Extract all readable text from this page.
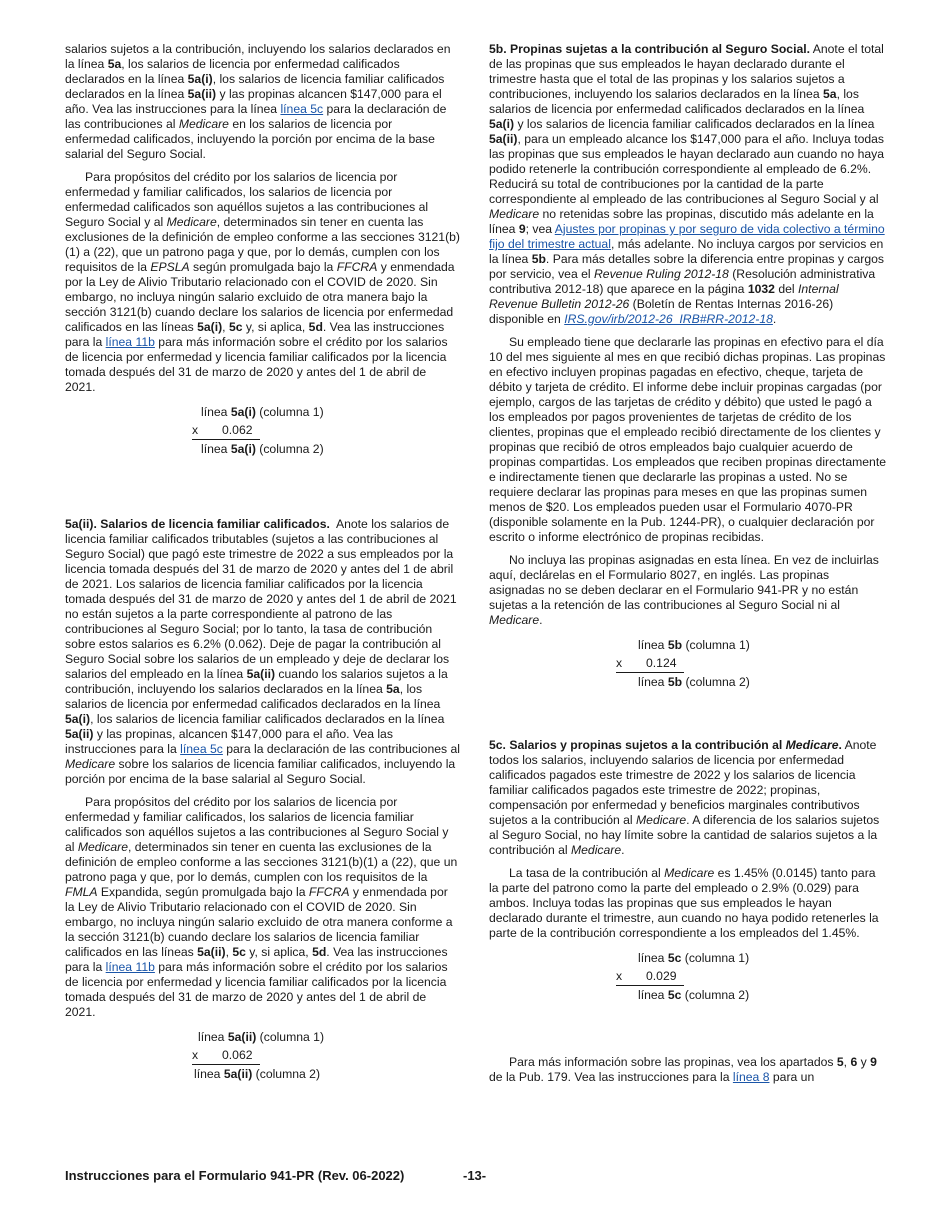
salarios sujetos a la contribución, incluyendo los salarios declarados en la línea 5a, los salarios de licencia por enfermedad calificados declarados en la línea 5a(i), los salarios de licencia familiar calificados declarados en la línea 5a(ii) y las propinas alcancen $147,000 para el año. Vea las instrucciones para la línea línea 5c para la declaración de las contribuciones al Medicare en los salarios de licencia por enfermedad calificados, incluyendo la porción por encima de la base salarial del Seguro Social.

Para propósitos del crédito por los salarios de licencia por enfermedad y familiar calificados, los salarios de licencia por enfermedad calificados son aquéllos sujetos a las contribuciones al Seguro Social y al Medicare, determinados sin tener en cuenta las exclusiones de la definición de empleo conforme a las secciones 3121(b)(1) a (22), que un patrono paga y que, por lo demás, cumplen con los requisitos de la EPSLA según promulgada bajo la FFCRA y enmendada por la Ley de Alivio Tributario relacionado con el COVID de 2020. Sin embargo, no incluya ningún salario excluido de otra manera bajo la sección 3121(b) cuando declare los salarios de licencia por enfermedad calificados en las líneas 5a(i), 5c y, si aplica, 5d. Vea las instrucciones para la línea 11b para más información sobre el crédito por los salarios de licencia por enfermedad y licencia familiar calificados por la licencia tomada después del 31 de marzo de 2020 y antes del 1 de abril de 2021.

línea 5a(i) (columna 1)
x 0.062
línea 5a(i) (columna 2)

5a(ii). Salarios de licencia familiar calificados. Anote los salarios de licencia familiar calificados tributables (sujetos a las contribuciones al Seguro Social) que pagó este trimestre de 2022 a sus empleados por la licencia tomada después del 31 de marzo de 2020 y antes del 1 de abril de 2021. Los salarios de licencia familiar calificados por la licencia tomada después del 31 de marzo de 2020 y antes del 1 de abril de 2021 no están sujetos a la parte correspondiente al patrono de las contribuciones al Seguro Social; por lo tanto, la tasa de contribución sobre estos salarios es 6.2% (0.062). Deje de pagar la contribución al Seguro Social sobre los salarios de un empleado y deje de declarar los salarios del empleado en la línea 5a(ii) cuando los salarios sujetos a la contribución, incluyendo los salarios declarados en la línea 5a, los salarios de licencia por enfermedad calificados declarados en la línea 5a(i), los salarios de licencia familiar calificados declarados en la línea 5a(ii) y las propinas, alcancen $147,000 para el año. Vea las instrucciones para la línea 5c para la declaración de las contribuciones al Medicare sobre los salarios de licencia familiar calificados, incluyendo la porción por encima de la base salarial al Seguro Social.

Para propósitos del crédito por los salarios de licencia por enfermedad y familiar calificados, los salarios de licencia familiar calificados son aquéllos sujetos a las contribuciones al Seguro Social y al Medicare, determinados sin tener en cuenta las exclusiones de la definición de empleo conforme a las secciones 3121(b)(1) a (22), que un patrono paga y que, por lo demás, cumplen con los requisitos de la FMLA Expandida, según promulgada bajo la FFCRA y enmendada por la Ley de Alivio Tributario relacionado con el COVID de 2020. Sin embargo, no incluya ningún salario excluido de otra manera conforme a la sección 3121(b) cuando declare los salarios de licencia familiar calificados en las líneas 5a(ii), 5c y, si aplica, 5d. Vea las instrucciones para la línea 11b para más información sobre el crédito por los salarios de licencia por enfermedad y licencia familiar calificados por la licencia tomada después del 31 de marzo de 2020 y antes del 1 de abril de 2021.

línea 5a(ii) (columna 1)
x 0.062
línea 5a(ii) (columna 2)

5b. Propinas sujetas a la contribución al Seguro Social. Anote el total de las propinas que sus empleados le hayan declarado durante el trimestre hasta que el total de las propinas y los salarios sujetos a contribuciones, incluyendo los salarios declarados en la línea 5a, los salarios de licencia por enfermedad calificados declarados en la línea 5a(i) y los salarios de licencia familiar calificados declarados en la línea 5a(ii), para un empleado alcance los $147,000 para el año. Incluya todas las propinas que sus empleados le hayan declarado aun cuando no haya podido retenerle la contribución correspondiente al empleado de 6.2%. Reducirá su total de contribuciones por la cantidad de la parte correspondiente al empleado de las contribuciones al Seguro Social y al Medicare no retenidas sobre las propinas, discutido más adelante en la línea 9; vea Ajustes por propinas y por seguro de vida colectivo a término fijo del trimestre actual, más adelante. No incluya cargos por servicios en la línea 5b. Para más detalles sobre la diferencia entre propinas y cargos por servicio, vea el Revenue Ruling 2012-18 (Resolución administrativa contributiva 2012-18) que aparece en la página 1032 del Internal Revenue Bulletin 2012-26 (Boletín de Rentas Internas 2016-26) disponible en IRS.gov/irb/2012-26_IRB#RR-2012-18.

Su empleado tiene que declararle las propinas en efectivo para el día 10 del mes siguiente al mes en que recibió dichas propinas. Las propinas en efectivo incluyen propinas pagadas en efectivo, cheque, tarjeta de débito y tarjeta de crédito. El informe debe incluir propinas cargadas (por ejemplo, cargos de las tarjetas de crédito y débito) que usted le pagó a los empleados por pagos provenientes de tarjetas de crédito de los clientes, propinas que el empleado recibió directamente de los clientes y propinas que recibió de otros empleados bajo cualquier acuerdo de propinas compartidas. Los empleados que reciben propinas directamente e indirectamente tienen que declararle las propinas a usted. No se requiere declarar las propinas para meses en que las propinas sumen menos de $20. Los empleados pueden usar el Formulario 4070-PR (disponible solamente en la Pub. 1244-PR), o cualquier declaración por escrito o informe electrónico de propinas recibidas.

No incluya las propinas asignadas en esta línea. En vez de incluirlas aquí, declárelas en el Formulario 8027, en inglés. Las propinas asignadas no se deben declarar en el Formulario 941-PR y no están sujetas a la retención de las contribuciones al Seguro Social ni al Medicare.

línea 5b (columna 1)
x 0.124
línea 5b (columna 2)

5c. Salarios y propinas sujetos a la contribución al Medicare. Anote todos los salarios, incluyendo salarios de licencia por enfermedad calificados pagados este trimestre de 2022 y los salarios de licencia familiar calificados pagados este trimestre de 2022; propinas, compensación por enfermedad y beneficios marginales contributivos sujetos a la contribución al Medicare. A diferencia de los salarios sujetos al Seguro Social, no hay límite sobre la cantidad de salarios sujetos a la contribución al Medicare.

La tasa de la contribución al Medicare es 1.45% (0.0145) tanto para la parte del patrono como la parte del empleado o 2.9% (0.029) para ambos. Incluya todas las propinas que sus empleados le hayan declarado durante el trimestre, aun cuando no haya podido retenerles la parte de la contribución correspondiente a los empleados del 1.45%.

línea 5c (columna 1)
x 0.029
línea 5c (columna 2)

Para más información sobre las propinas, vea los apartados 5, 6 y 9 de la Pub. 179. Vea las instrucciones para la línea 8 para un

Instrucciones para el Formulario 941-PR (Rev. 06-2022)	-13-
